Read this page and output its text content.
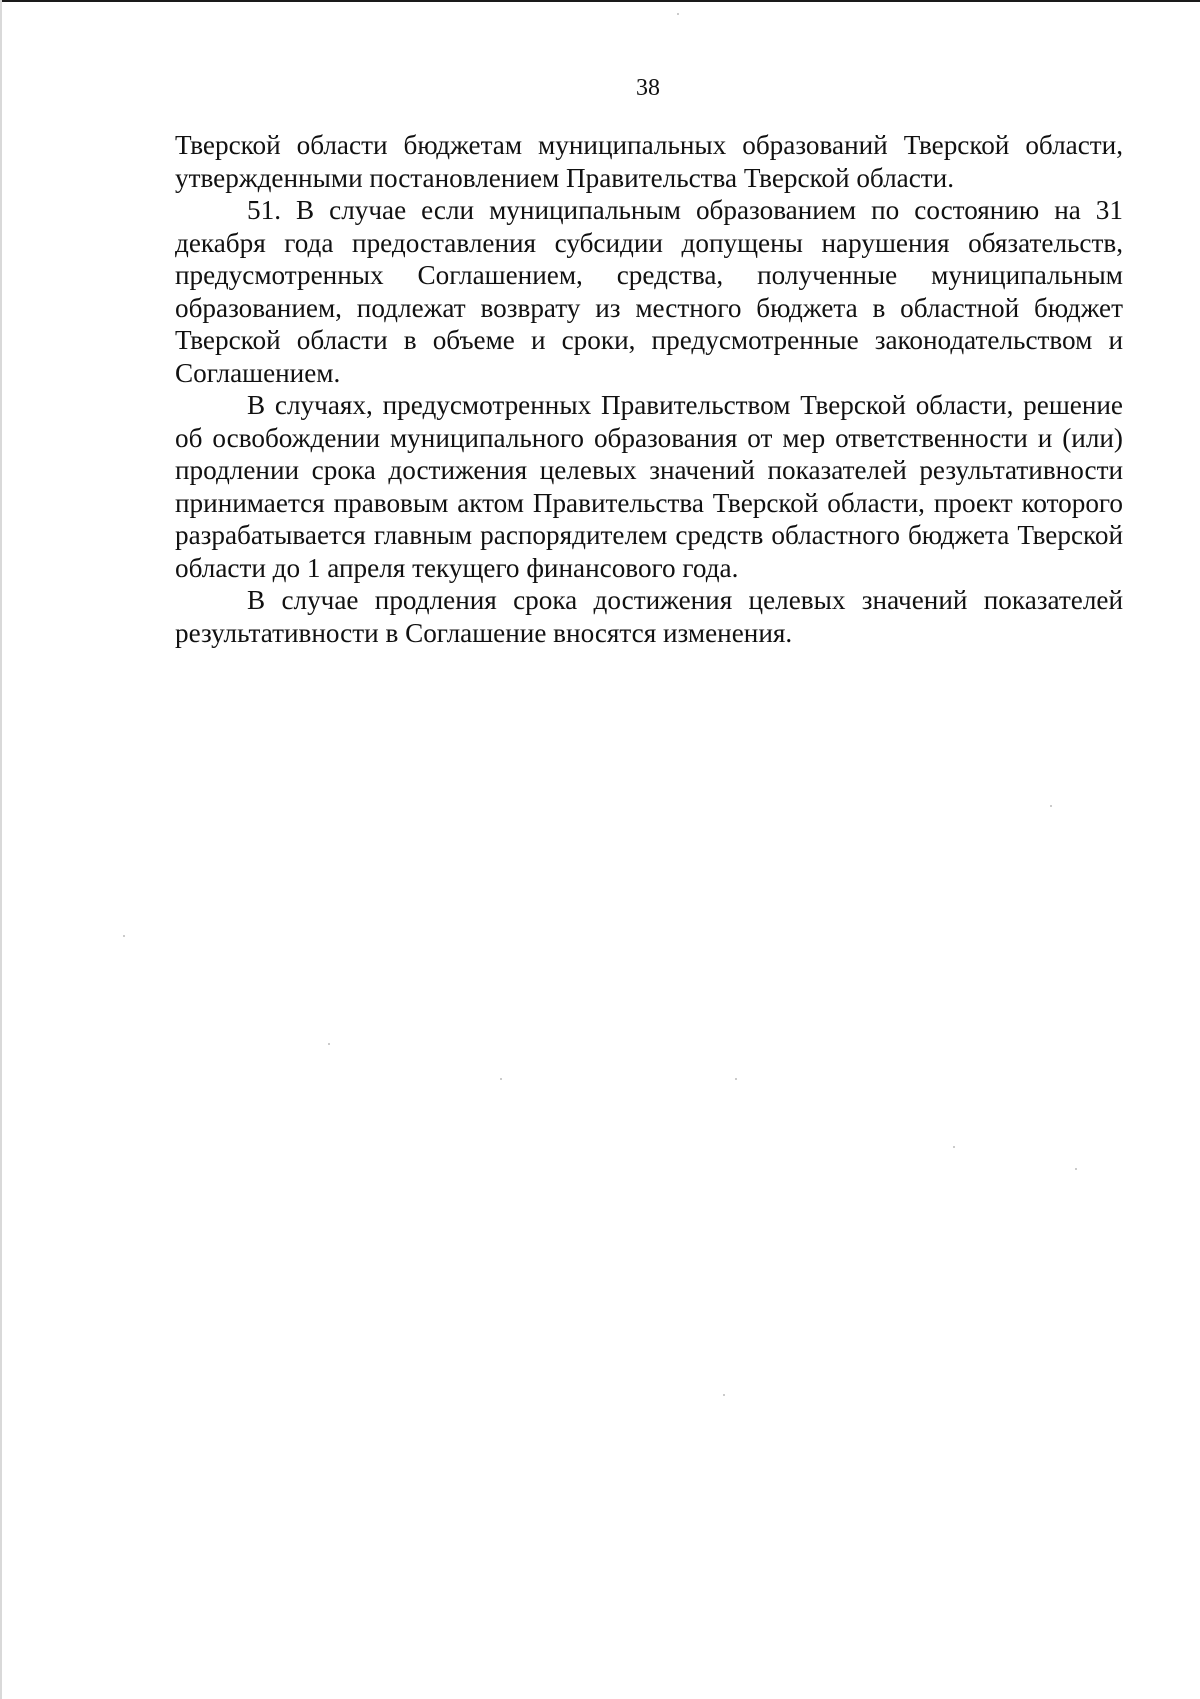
38

Тверской области бюджетам муниципальных образований Тверской области, утвержденными постановлением Правительства Тверской области.

51. В случае если муниципальным образованием по состоянию на 31 декабря года предоставления субсидии допущены нарушения обязательств, предусмотренных Соглашением, средства, полученные муниципальным образованием, подлежат возврату из местного бюджета в областной бюджет Тверской области в объеме и сроки, предусмотренные законодательством и Соглашением.

В случаях, предусмотренных Правительством Тверской области, решение об освобождении муниципального образования от мер ответственности и (или) продлении срока достижения целевых значений показателей результативности принимается правовым актом Правительства Тверской области, проект которого разрабатывается главным распорядителем средств областного бюджета Тверской области до 1 апреля текущего финансового года.

В случае продления срока достижения целевых значений показателей результативности в Соглашение вносятся изменения.
